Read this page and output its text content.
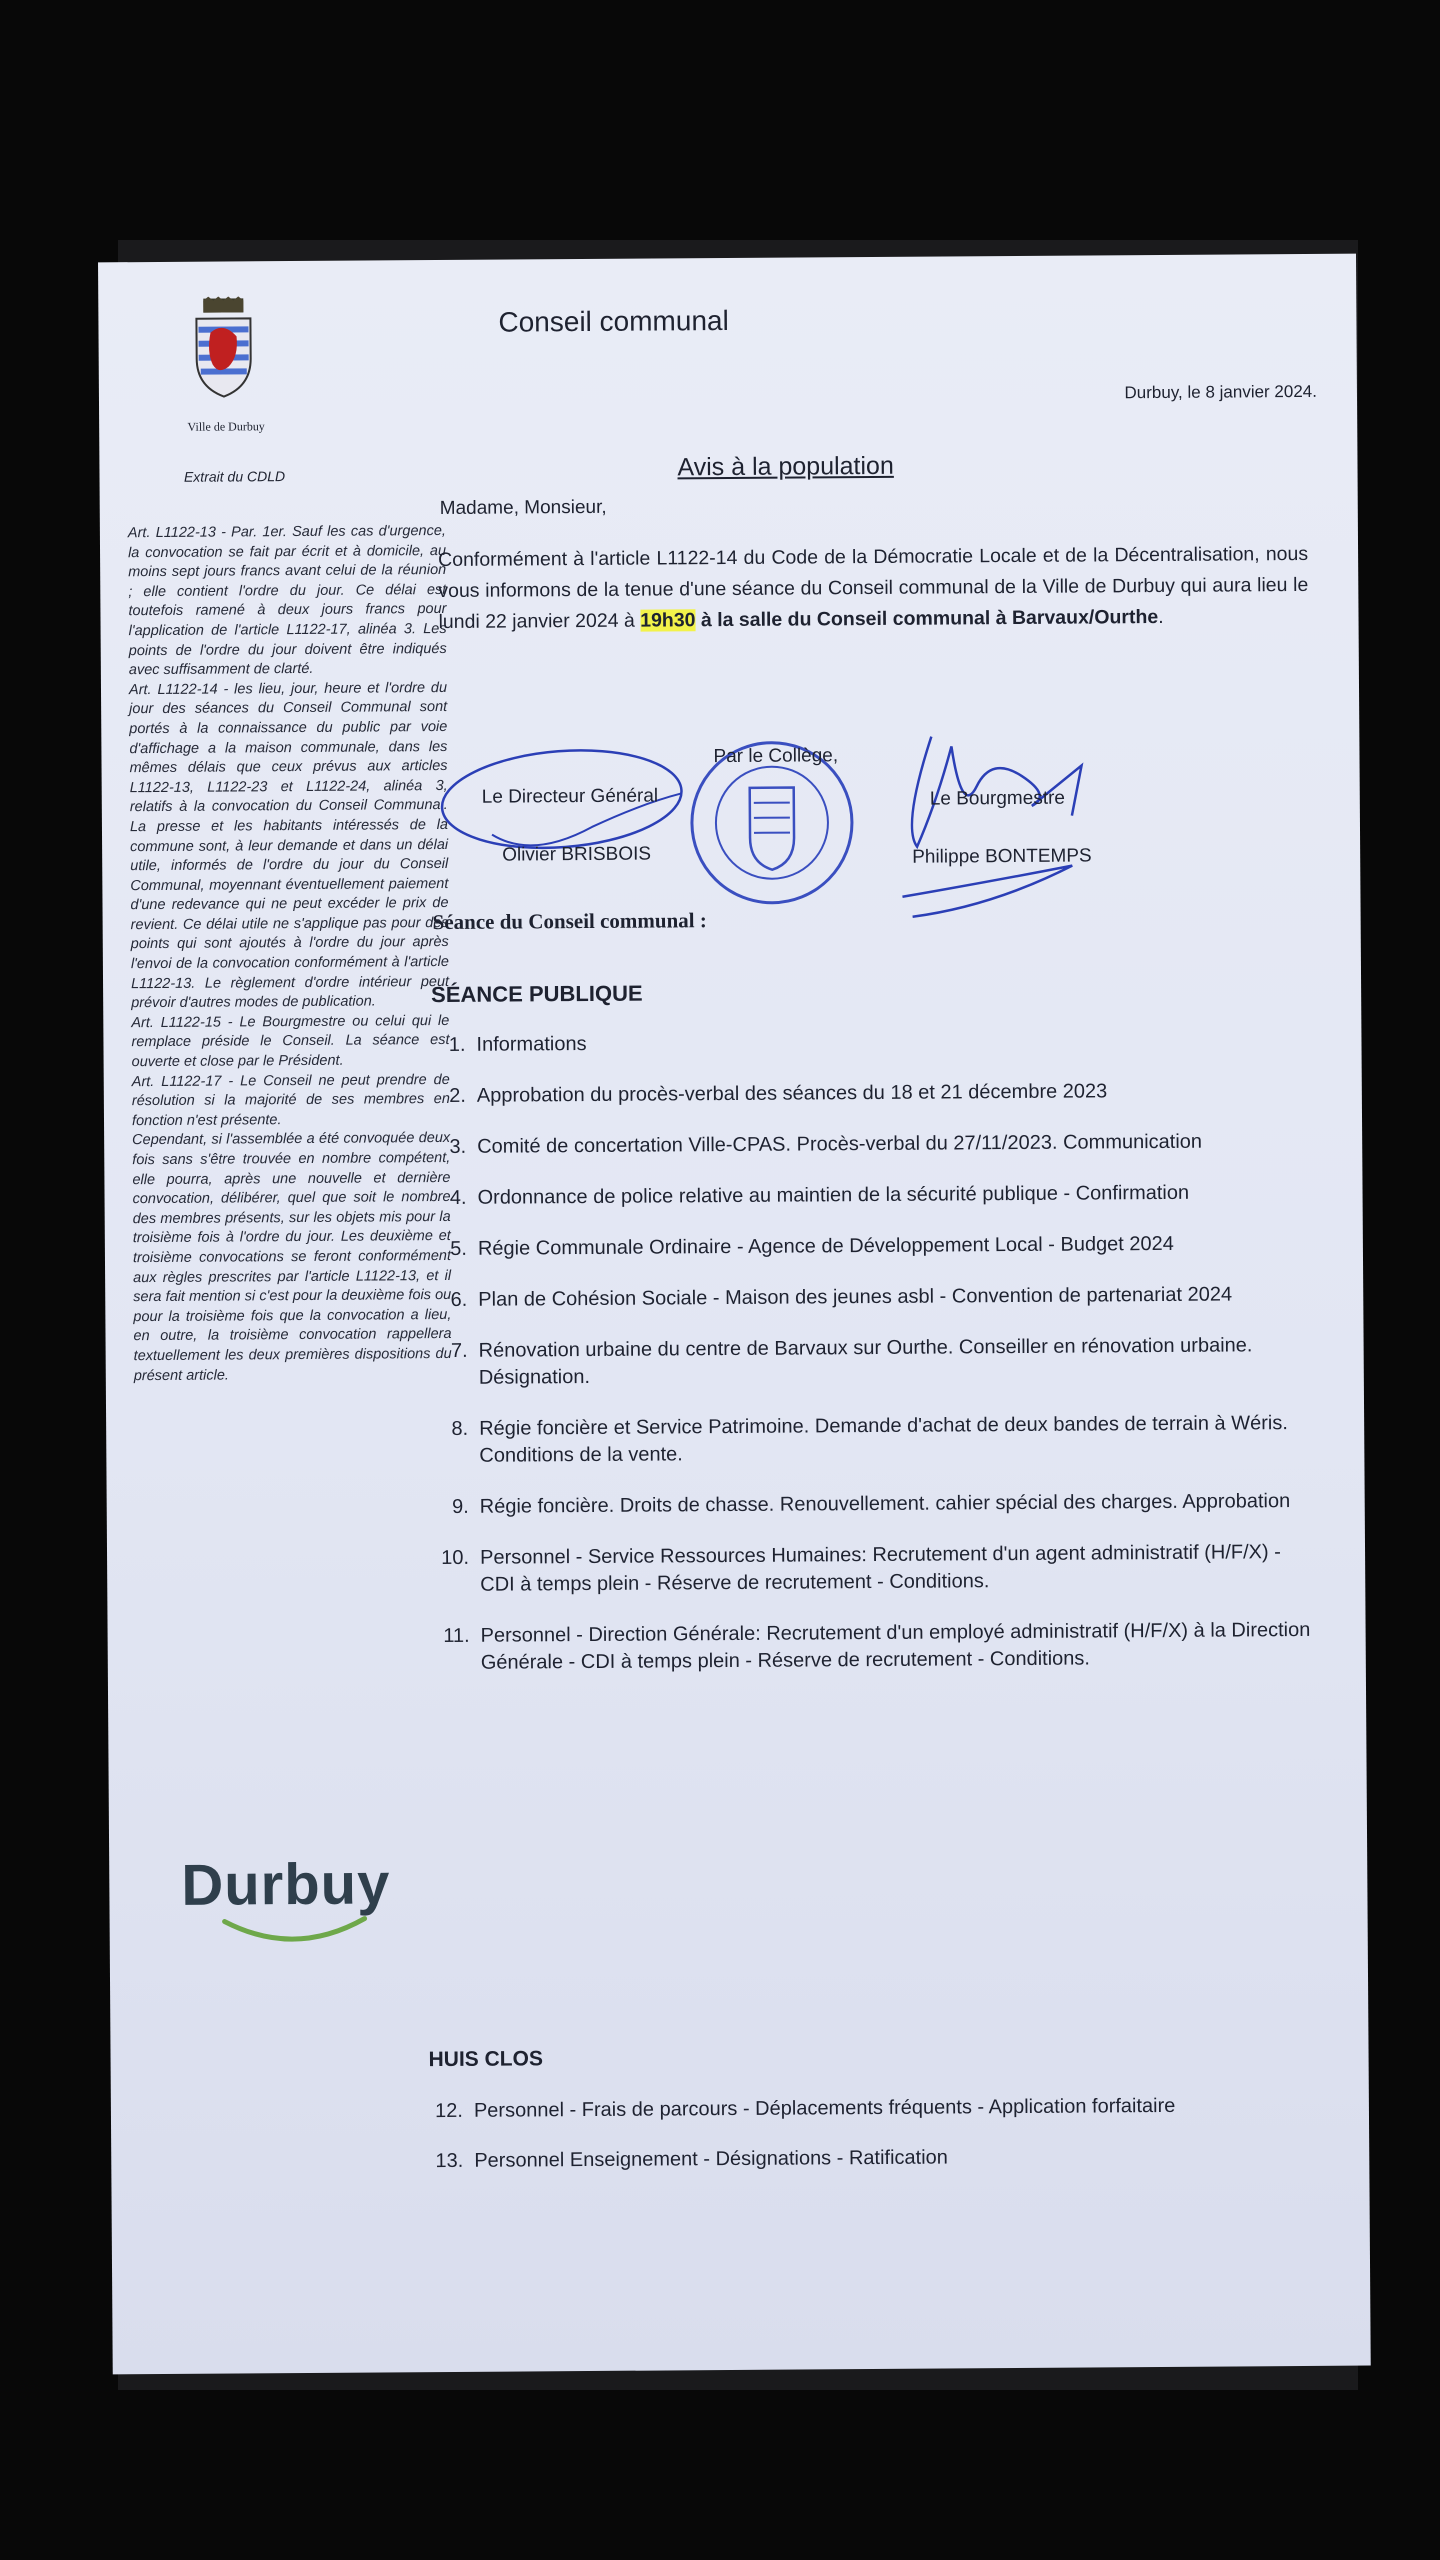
Ville de Durbuy
Conseil communal
Durbuy, le 8 janvier 2024.
Extrait du CDLD	Avis à la population
Madame, Monsieur,

Art. L1122-13 - Par. 1er. Sauf les cas d'urgence, la convocation se fait par écrit et à domicile, au moins sept jours francs avant celui de la réunion ; elle contient l'ordre du jour. Ce délai est toutefois ramené à deux jours francs pour l'application de l'article L1122-17, alinéa 3. Les points de l'ordre du jour doivent être indiqués avec suffisamment de clarté.

Art. L1122-14 - les lieu, jour, heure et l'ordre du jour des séances du Conseil Communal sont portés à la connaissance du public par voie d'affichage a la maison communale, dans les mêmes délais que ceux prévus aux articles L1122-13, L1122-23 et L1122-24, alinéa 3, relatifs à la convocation du Conseil Communal. La presse et les habitants intéressés de la commune sont, à leur demande et dans un délai utile, informés de l'ordre du jour du Conseil Communal, moyennant éventuellement paiement d'une redevance qui ne peut excéder le prix de revient. Ce délai utile ne s'applique pas pour des points qui sont ajoutés à l'ordre du jour après l'envoi de la convocation conformément à l'article L1122-13. Le règlement d'ordre intérieur peut prévoir d'autres modes de publication.

Art. L1122-15 - Le Bourgmestre ou celui qui le remplace préside le Conseil. La séance est ouverte et close par le Président.

Art. L1122-17 - Le Conseil ne peut prendre de résolution si la majorité de ses membres en fonction n'est présente.

Cependant, si l'assemblée a été convoquée deux fois sans s'être trouvée en nombre compétent, elle pourra, après une nouvelle et dernière convocation, délibérer, quel que soit le nombre des membres présents, sur les objets mis pour la troisième fois à l'ordre du jour. Les deuxième et troisième convocations se feront conformément aux règles prescrites par l'article L1122-13, et il sera fait mention si c'est pour la deuxième fois ou pour la troisième fois que la convocation a lieu, en outre, la troisième convocation rappellera textuellement les deux premières dispositions du présent article.

Conformément à l'article L1122-14 du Code de la Démocratie Locale et de la Décentralisation, nous vous informons de la tenue d'une séance du Conseil communal de la Ville de Durbuy qui aura lieu le lundi 22 janvier 2024 à 19h30 à la salle du Conseil communal à Barvaux/Ourthe.
Par le Collège,
Le Directeur Général
Olivier BRISBOIS
Le Bourgmestre
Philippe BONTEMPS
Séance du Conseil communal :
SÉANCE PUBLIQUE
1. Informations
2. Approbation du procès-verbal des séances du 18 et 21 décembre 2023
3. Comité de concertation Ville-CPAS. Procès-verbal du 27/11/2023. Communication
4. Ordonnance de police relative au maintien de la sécurité publique - Confirmation
5. Régie Communale Ordinaire - Agence de Développement Local - Budget 2024
6. Plan de Cohésion Sociale - Maison des jeunes asbl - Convention de partenariat 2024
7. Rénovation urbaine du centre de Barvaux sur Ourthe. Conseiller en rénovation urbaine. Désignation.
8. Régie foncière et Service Patrimoine. Demande d'achat de deux bandes de terrain à Wéris. Conditions de la vente.
9. Régie foncière. Droits de chasse. Renouvellement. cahier spécial des charges. Approbation
10. Personnel - Service Ressources Humaines: Recrutement d'un agent administratif (H/F/X) - CDI à temps plein - Réserve de recrutement - Conditions.
11. Personnel - Direction Générale: Recrutement d'un employé administratif (H/F/X) à la Direction Générale - CDI à temps plein - Réserve de recrutement - Conditions.
HUIS CLOS
12. Personnel - Frais de parcours - Déplacements fréquents - Application forfaitaire
13. Personnel Enseignement - Désignations - Ratification
Durbuy
